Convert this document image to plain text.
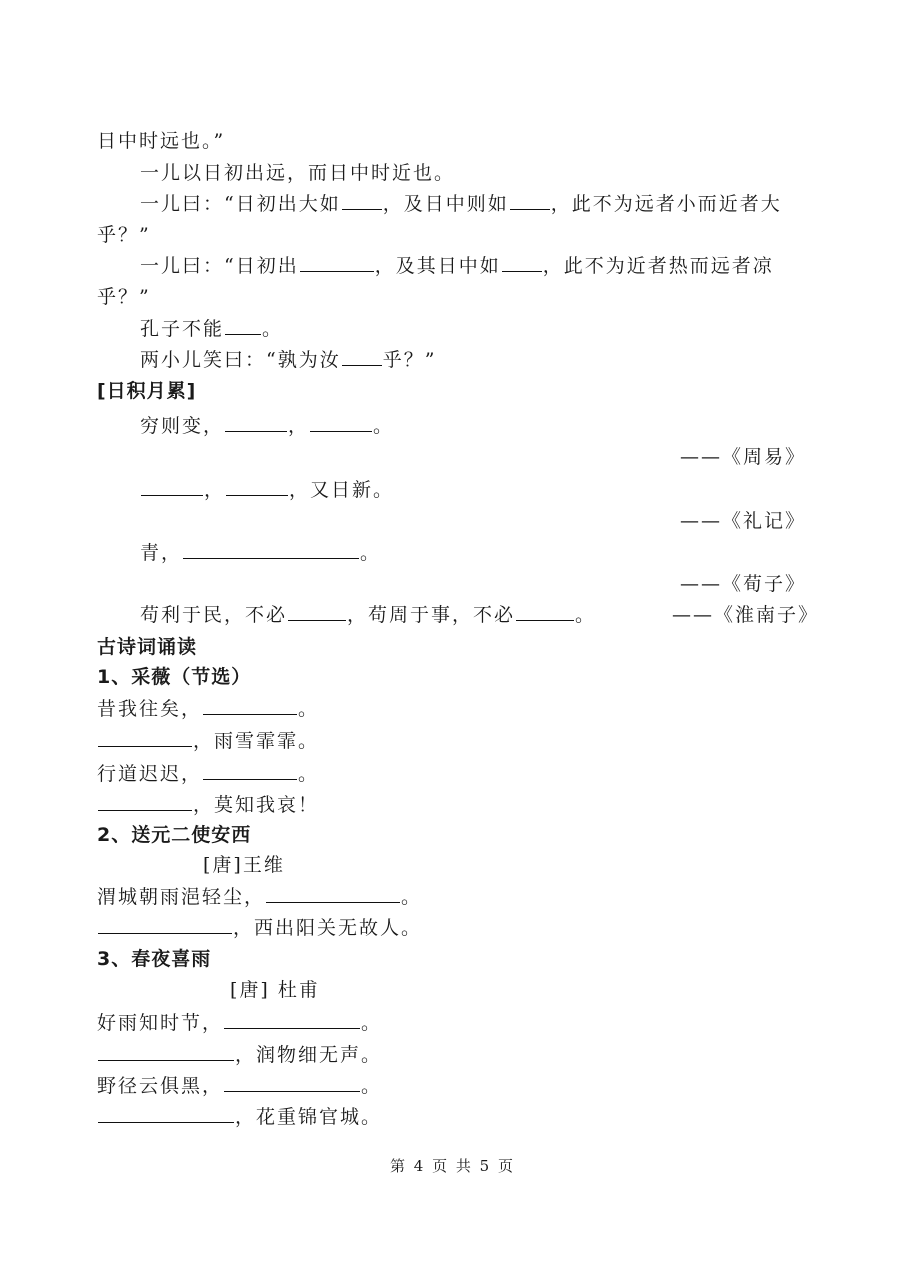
日中时远也。”
一儿以日初出远，而日中时近也。
一儿曰：“日初出大如 ，及日中则如 ，此不为远者小而近者大
乎？”
一儿曰：“日初出	，及其日中如 ，此不为近者热而远者凉
乎？”
孔子不能 。
两小儿笑曰：“孰为汝 乎？”
[日积月累]
穷则变，	，	。
——《周易》
，	，又日新。
——《礼记》
青，	。
——《荀子》
苟利于民，不必	，苟周于事，不必	。	——《淮南子》
古诗词诵读
1、采薇（节选）
昔我往矣，	。
，雨雪霏霏。
行道迟迟，	。
，莫知我哀！
2、送元二使安西
[唐]王维
渭城朝雨浥轻尘，	。
，西出阳关无故人。
3、春夜喜雨
[唐] 杜甫
好雨知时节，	。
，润物细无声。
野径云俱黑，	。
，花重锦官城。
第 4 页 共 5 页
